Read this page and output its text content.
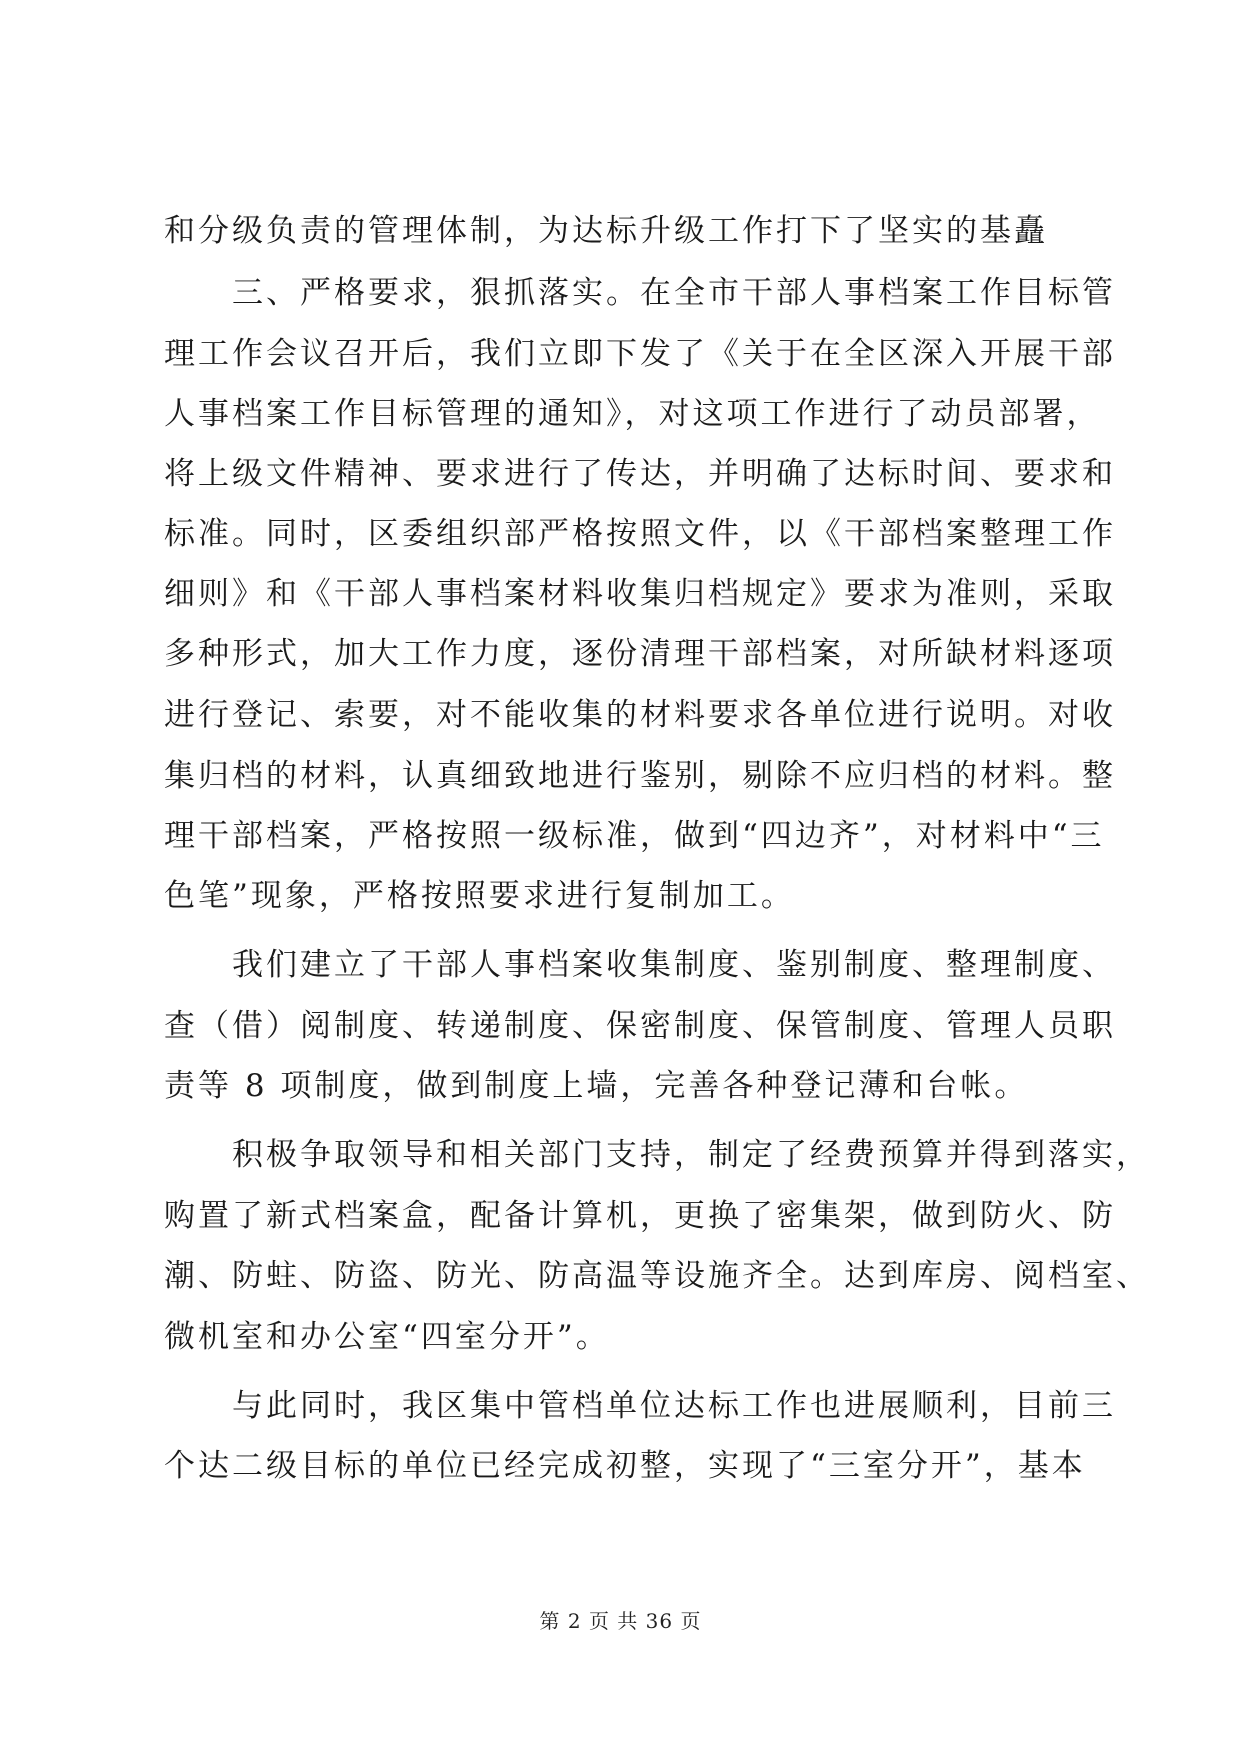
和分级负责的管理体制，为达标升级工作打下了坚实的基矗
三、严格要求，狠抓落实。在全市干部人事档案工作目标管
理工作会议召开后，我们立即下发了《关于在全区深入开展干部
人事档案工作目标管理的通知》，对这项工作进行了动员部署，
将上级文件精神、要求进行了传达，并明确了达标时间、要求和
标准。同时，区委组织部严格按照文件，以《干部档案整理工作
细则》和《干部人事档案材料收集归档规定》要求为准则，采取
多种形式，加大工作力度，逐份清理干部档案，对所缺材料逐项
进行登记、索要，对不能收集的材料要求各单位进行说明。对收
集归档的材料，认真细致地进行鉴别，剔除不应归档的材料。整
理干部档案，严格按照一级标准，做到“四边齐”，对材料中“三
色笔”现象，严格按照要求进行复制加工。
我们建立了干部人事档案收集制度、鉴别制度、整理制度、
查（借）阅制度、转递制度、保密制度、保管制度、管理人员职
责等 8 项制度，做到制度上墙，完善各种登记薄和台帐。
积极争取领导和相关部门支持，制定了经费预算并得到落实，
购置了新式档案盒，配备计算机，更换了密集架，做到防火、防
潮、防蛀、防盗、防光、防高温等设施齐全。达到库房、阅档室、
微机室和办公室“四室分开”。
与此同时，我区集中管档单位达标工作也进展顺利，目前三
个达二级目标的单位已经完成初整，实现了“三室分开”，基本
第 2 页 共 36 页
